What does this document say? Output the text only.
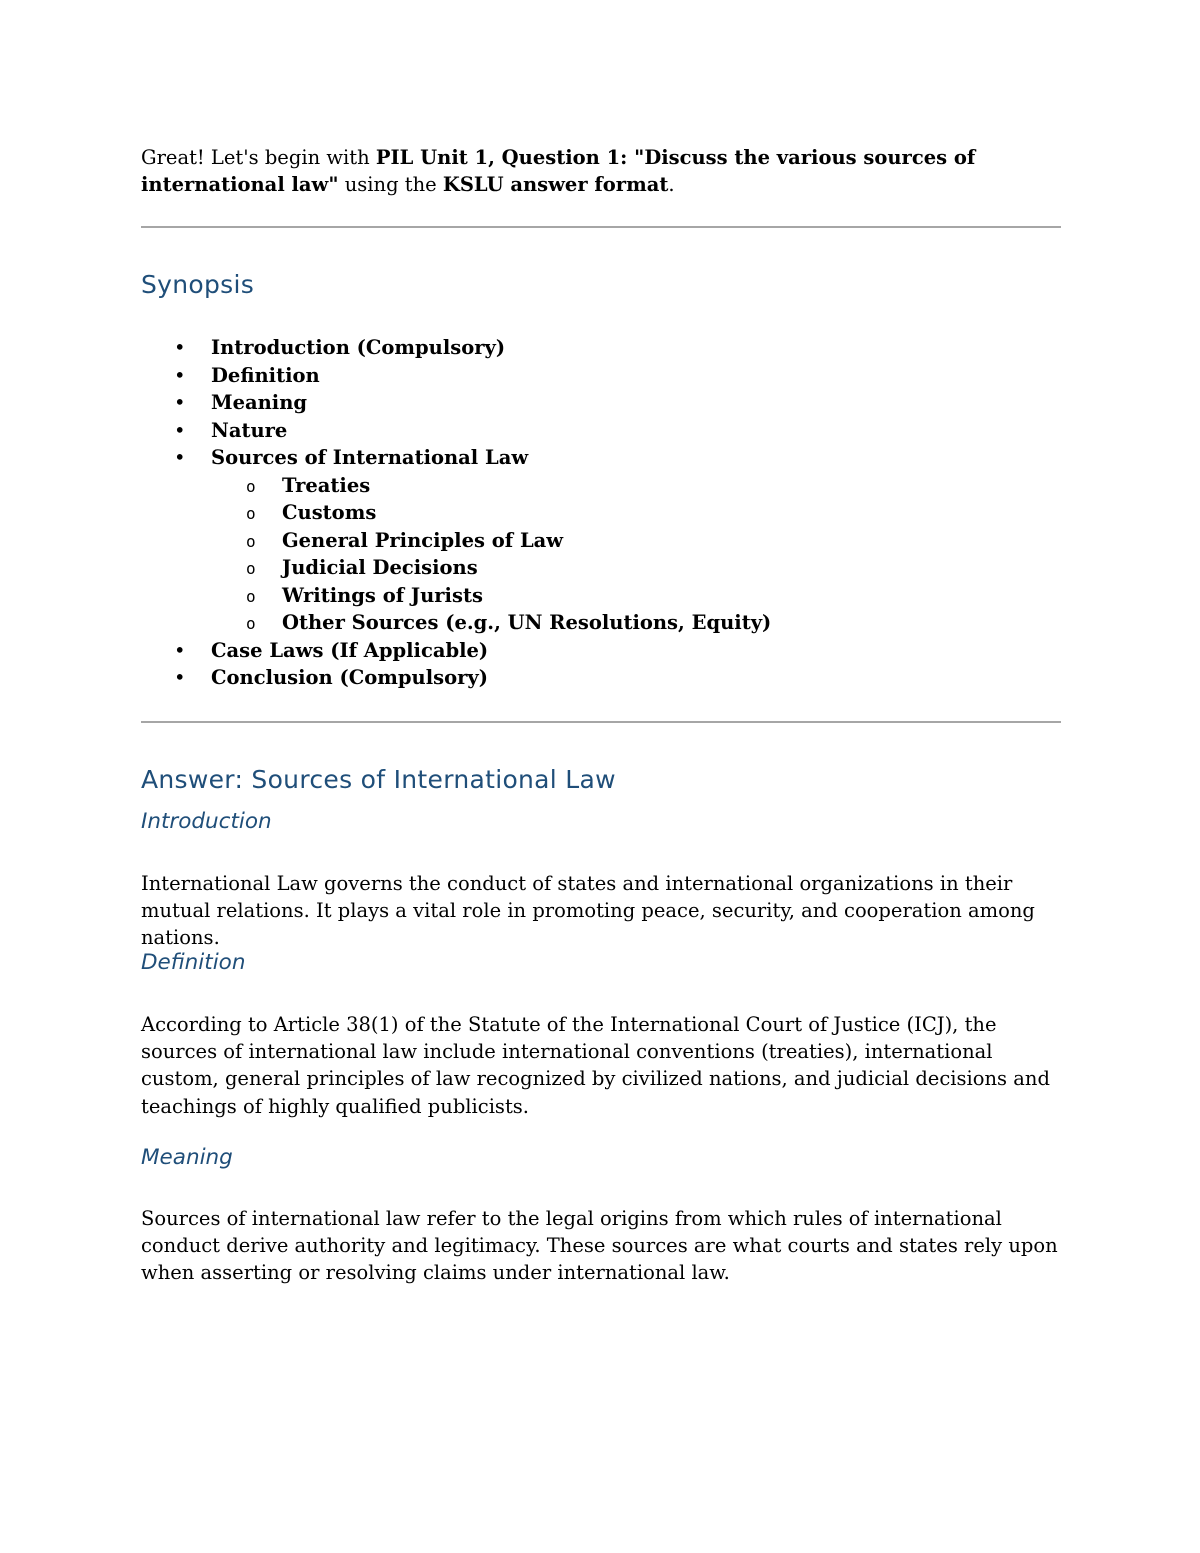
Great! Let's begin with PIL Unit 1, Question 1: "Discuss the various sources of international law" using the KSLU answer format.

Synopsis
• Introduction (Compulsory)
• Definition
• Meaning
• Nature
• Sources of International Law
o Treaties
o Customs
o General Principles of Law
o Judicial Decisions
o Writings of Jurists
o Other Sources (e.g., UN Resolutions, Equity)
• Case Laws (If Applicable)
• Conclusion (Compulsory)
Answer: Sources of International Law
Introduction

International Law governs the conduct of states and international organizations in their mutual relations. It plays a vital role in promoting peace, security, and cooperation among nations.

Definition

According to Article 38(1) of the Statute of the International Court of Justice (ICJ), the sources of international law include international conventions (treaties), international custom, general principles of law recognized by civilized nations, and judicial decisions and teachings of highly qualified publicists.

Meaning

Sources of international law refer to the legal origins from which rules of international conduct derive authority and legitimacy. These sources are what courts and states rely upon when asserting or resolving claims under international law.
